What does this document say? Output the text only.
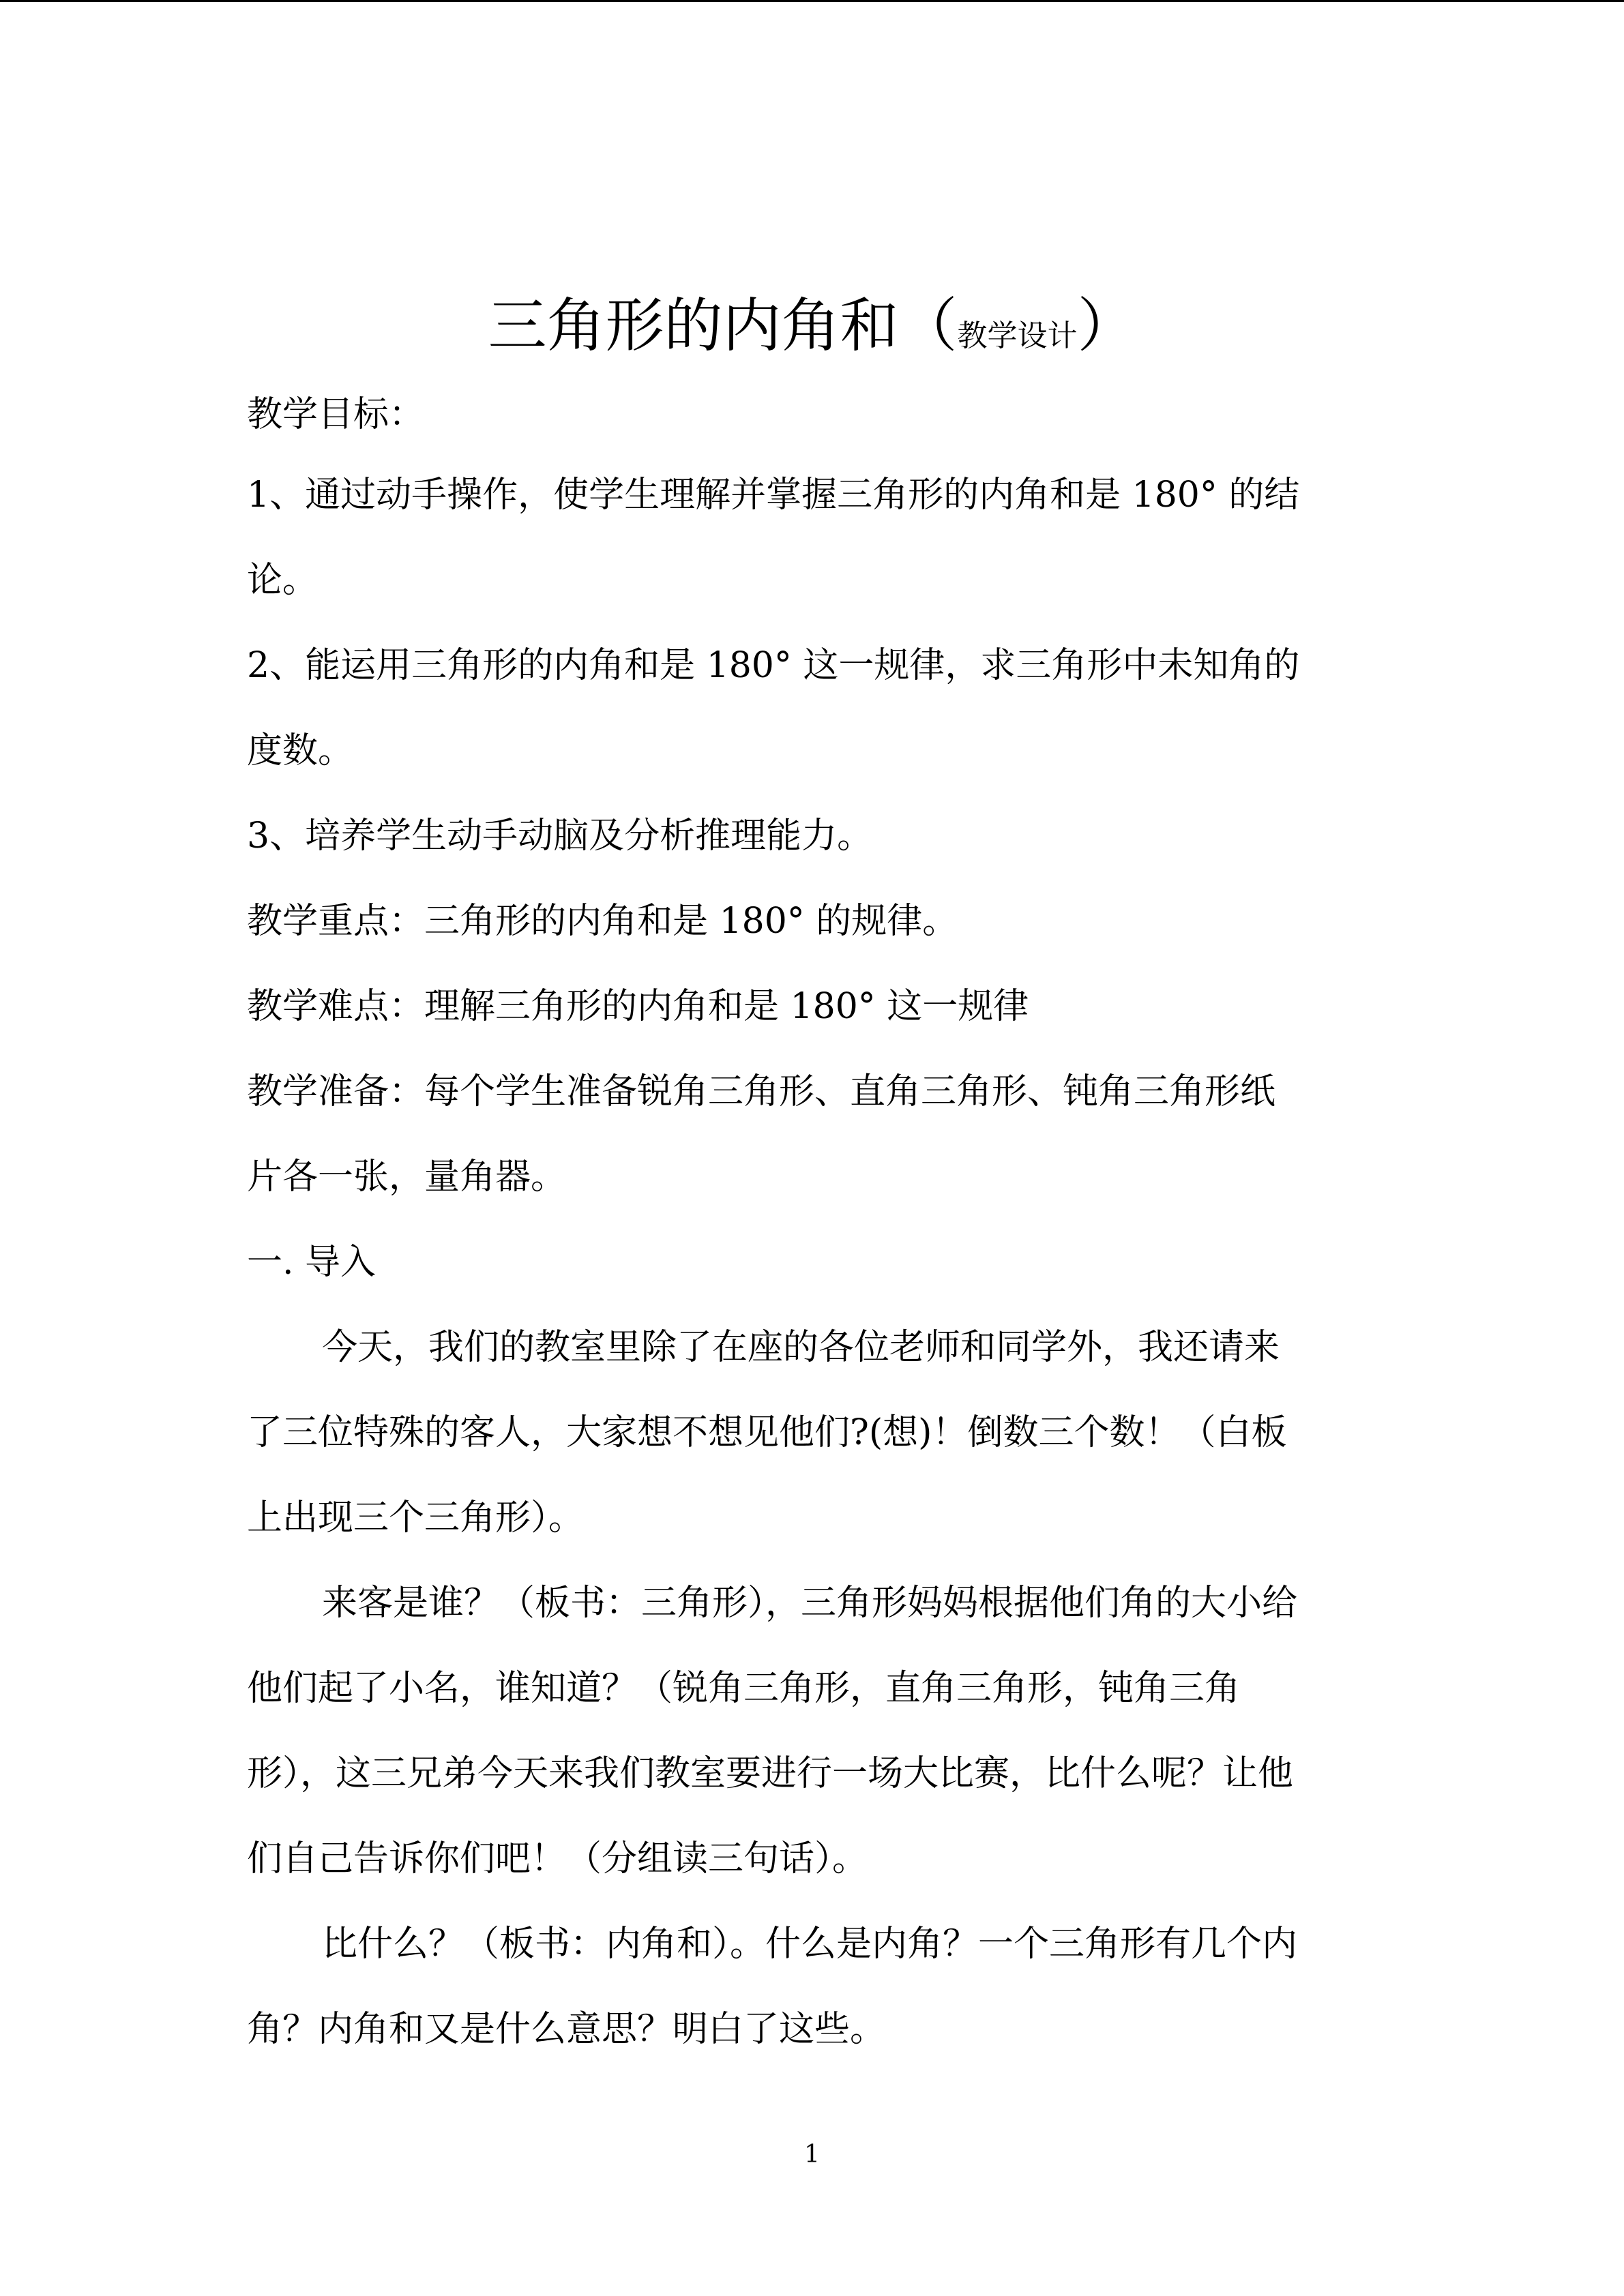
三角形的内角和（教学设计）
教学目标：
1、通过动手操作，使学生理解并掌握三角形的内角和是 180° 的结
论。
2、能运用三角形的内角和是 180° 这一规律，求三角形中未知角的
度数。
3、培养学生动手动脑及分析推理能力。
教学重点：三角形的内角和是 180° 的规律。
教学难点：理解三角形的内角和是 180° 这一规律
教学准备：每个学生准备锐角三角形、直角三角形、钝角三角形纸
片各一张，量角器。
一. 导入
今天，我们的教室里除了在座的各位老师和同学外，我还请来
了三位特殊的客人，大家想不想见他们?(想)！倒数三个数！（白板
上出现三个三角形）。
来客是谁？（板书：三角形），三角形妈妈根据他们角的大小给
他们起了小名，谁知道？（锐角三角形，直角三角形，钝角三角
形），这三兄弟今天来我们教室要进行一场大比赛，比什么呢？让他
们自己告诉你们吧！（分组读三句话）。
比什么？（板书：内角和）。什么是内角？一个三角形有几个内
角？内角和又是什么意思？明白了这些。
1
